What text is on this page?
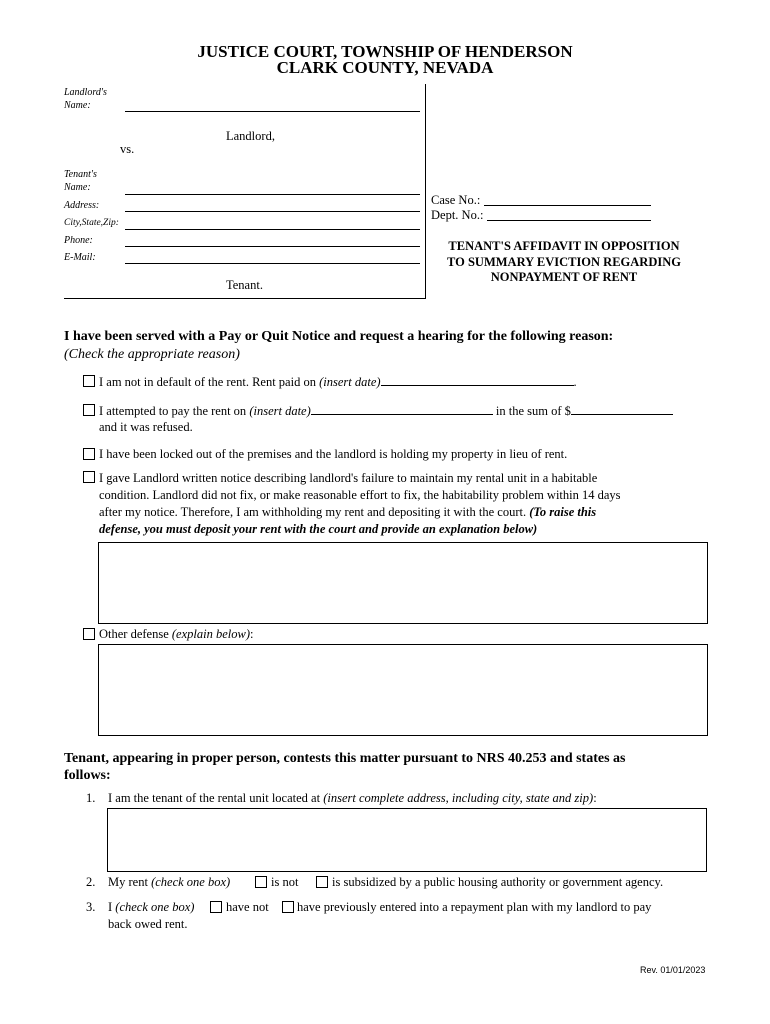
JUSTICE COURT, TOWNSHIP OF HENDERSON
CLARK COUNTY, NEVADA
Landlord's
Name:
Landlord,
vs.
Tenant's
Name:
Address:
City,State,Zip:
Phone:
E-Mail:
Tenant.
Case No.:
Dept. No.:
TENANT'S AFFIDAVIT IN OPPOSITION
TO SUMMARY EVICTION REGARDING
NONPAYMENT OF RENT
I have been served with a Pay or Quit Notice and request a hearing for the following reason:
(Check the appropriate reason)
I am not in default of the rent. Rent paid on (insert date)	.
I attempted to pay the rent on (insert date)	in the sum of $
and it was refused.
I have been locked out of the premises and the landlord is holding my property in lieu of rent.
I gave Landlord written notice describing landlord's failure to maintain my rental unit in a habitable
condition. Landlord did not fix, or make reasonable effort to fix, the habitability problem within 14 days
after my notice. Therefore, I am withholding my rent and depositing it with the court. (To raise this
defense, you must deposit your rent with the court and provide an explanation below)
Other defense (explain below):
Tenant, appearing in proper person, contests this matter pursuant to NRS 40.253 and states as
follows:
1. I am the tenant of the rental unit located at (insert complete address, including city, state and zip):
2. My rent (check one box)	is not	is subsidized by a public housing authority or government agency.
3. I (check one box)	have not have previously entered into a repayment plan with my landlord to pay
back owed rent.
Rev. 01/01/2023
